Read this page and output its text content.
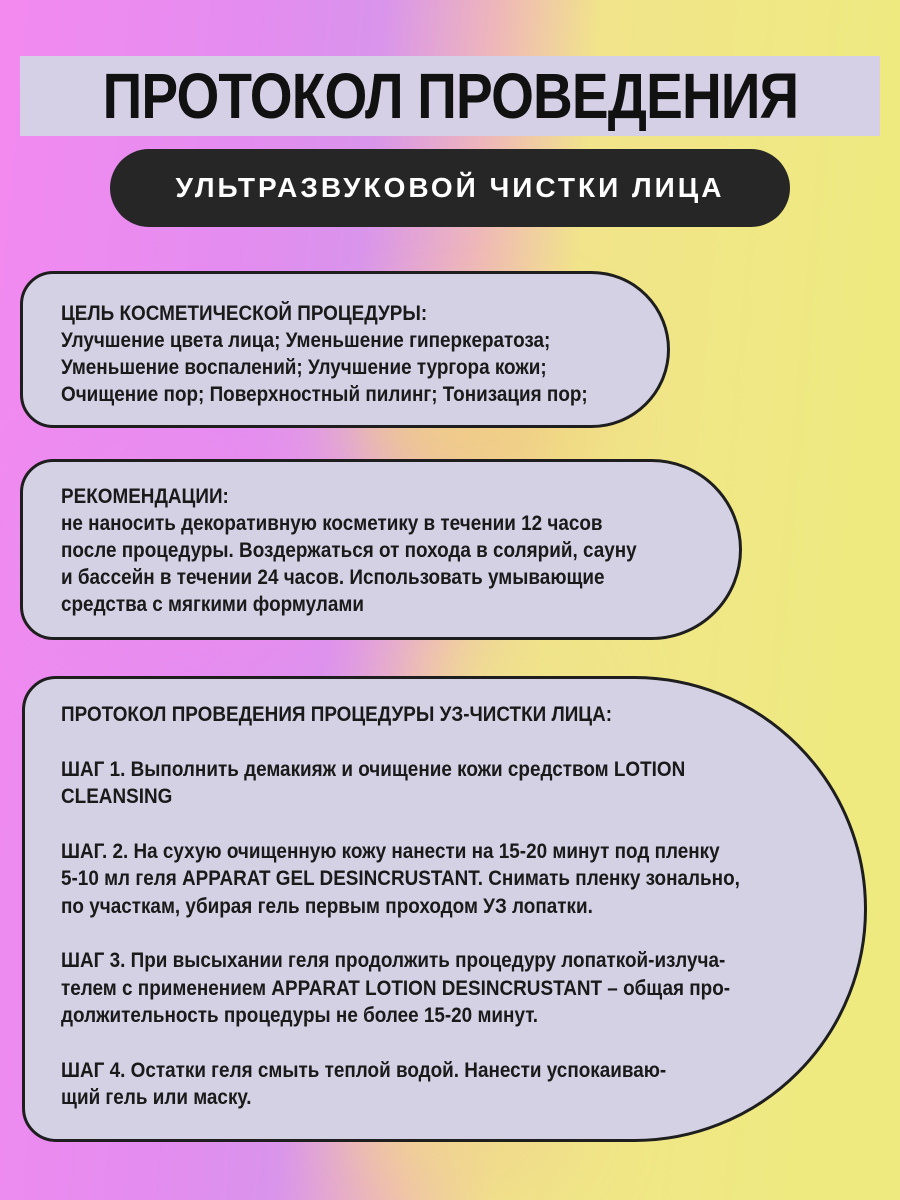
ПРОТОКОЛ ПРОВЕДЕНИЯ
УЛЬТРАЗВУКОВОЙ ЧИСТКИ ЛИЦА

ЦЕЛЬ КОСМЕТИЧЕСКОЙ ПРОЦЕДУРЫ:

Улучшение цвета лица; Уменьшение гиперкератоза;

Уменьшение воспалений; Улучшение тургора кожи;

Очищение пор; Поверхностный пилинг; Тонизация пор;

РЕКОМЕНДАЦИИ:

не наносить декоративную косметику в течении 12 часов

после процедуры. Воздержаться от похода в солярий, сауну

и бассейн в течении 24 часов. Использовать умывающие

средства с мягкими формулами

ПРОТОКОЛ ПРОВЕДЕНИЯ ПРОЦЕДУРЫ УЗ-ЧИСТКИ ЛИЦА:

ШАГ 1. Выполнить демакияж и очищение кожи средством LOTION

CLEANSING

ШАГ. 2. На сухую очищенную кожу нанести на 15-20 минут под пленку

5-10 мл геля APPARAT GEL DESINCRUSTANT. Снимать пленку зонально,

по участкам, убирая гель первым проходом УЗ лопатки.

ШАГ 3. При высыхании геля продолжить процедуру лопаткой-излуча-

телем с применением APPARAT LOTION DESINCRUSTANT – общая про-

должительность процедуры не более 15-20 минут.

ШАГ 4. Остатки геля смыть теплой водой. Нанести успокаиваю-

щий гель или маску.
